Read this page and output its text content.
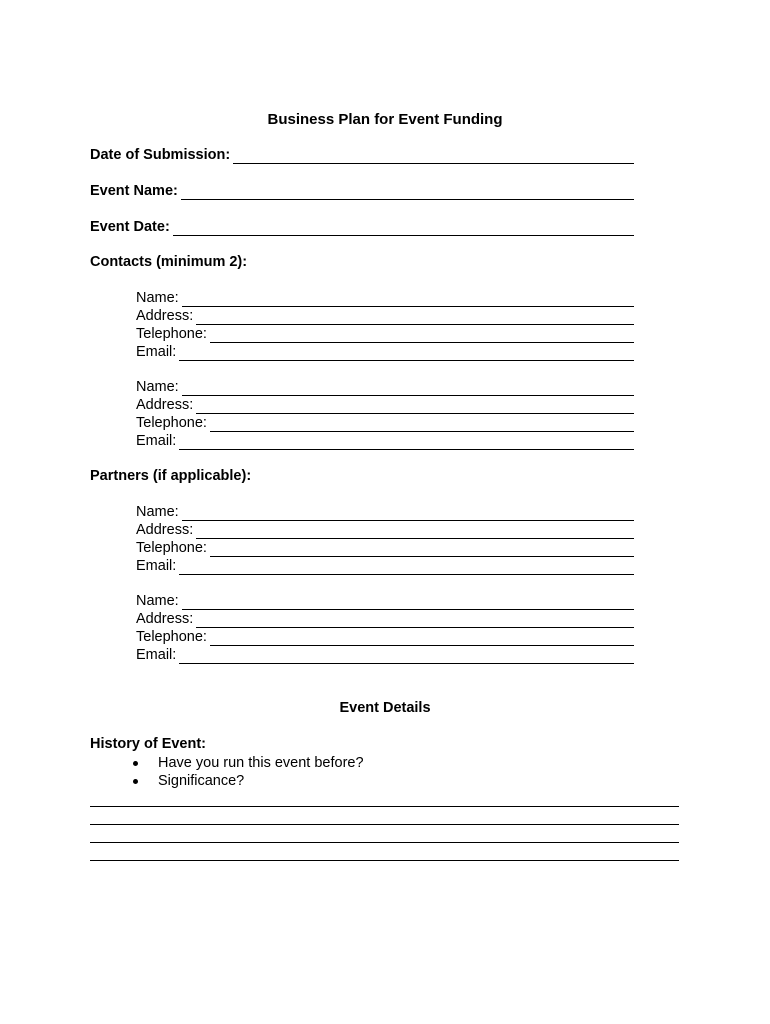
Business Plan for Event Funding
Date of Submission:
Event Name:
Event Date:
Contacts (minimum 2):
Name:
Address:
Telephone:
Email:
Name:
Address:
Telephone:
Email:
Partners (if applicable):
Name:
Address:
Telephone:
Email:
Name:
Address:
Telephone:
Email:
Event Details
History of Event:
Have you run this event before?
Significance?
